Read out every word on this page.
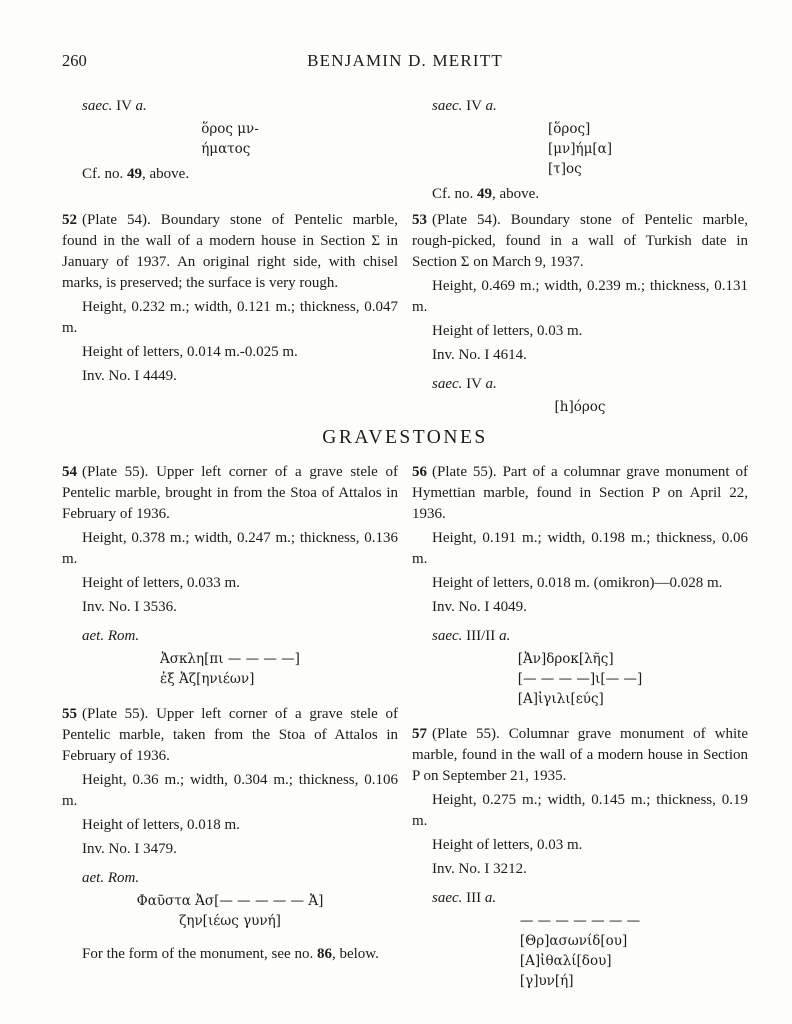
260	BENJAMIN D. MERITT

saec. IV a.

ὅρος μν-
ήματος

Cf. no. 49, above.

52 (Plate 54). Boundary stone of Pentelic marble, found in the wall of a modern house in Section Σ in January of 1937. An original right side, with chisel marks, is preserved; the surface is very rough.

Height, 0.232 m.; width, 0.121 m.; thickness, 0.047 m.

Height of letters, 0.014 m.-0.025 m.

Inv. No. I 4449.

saec. IV a.

[ὅρος]
[μν]ήμ[α]
[τ]ος

Cf. no. 49, above.

53 (Plate 54). Boundary stone of Pentelic marble, rough-picked, found in a wall of Turkish date in Section Σ on March 9, 1937.

Height, 0.469 m.; width, 0.239 m.; thickness, 0.131 m.

Height of letters, 0.03 m.

Inv. No. I 4614.

saec. IV a.

[h]όρος
GRAVESTONES

54 (Plate 55). Upper left corner of a grave stele of Pentelic marble, brought in from the Stoa of Attalos in February of 1936.

Height, 0.378 m.; width, 0.247 m.; thickness, 0.136 m.

Height of letters, 0.033 m.

Inv. No. I 3536.

aet. Rom.

Ἀσκλη[πι — — — —]
ἐξ Ἀζ[ηνιέων]

55 (Plate 55). Upper left corner of a grave stele of Pentelic marble, taken from the Stoa of Attalos in February of 1936.

Height, 0.36 m.; width, 0.304 m.; thickness, 0.106 m.

Height of letters, 0.018 m.

Inv. No. I 3479.

aet. Rom.

Φαῦστα Ἀσ[— — — — — Ἀ]
ζην[ιέως γυνή]

For the form of the monument, see no. 86, below.

56 (Plate 55). Part of a columnar grave monument of Hymettian marble, found in Section P on April 22, 1936.

Height, 0.191 m.; width, 0.198 m.; thickness, 0.06 m.

Height of letters, 0.018 m. (omikron)—0.028 m.

Inv. No. I 4049.

saec. III/II a.

[Ἀν]δροκ[λῆς]
[— — — —]ι[— —]
[Α]ἰγιλι[εύς]

57 (Plate 55). Columnar grave monument of white marble, found in the wall of a modern house in Section P on September 21, 1935.

Height, 0.275 m.; width, 0.145 m.; thickness, 0.19 m.

Height of letters, 0.03 m.

Inv. No. I 3212.

saec. III a.

— — — — — — —
[Θρ]ασωνίδ[ου]
[Α]ἰθαλί[δου]
[γ]υν[ή]
